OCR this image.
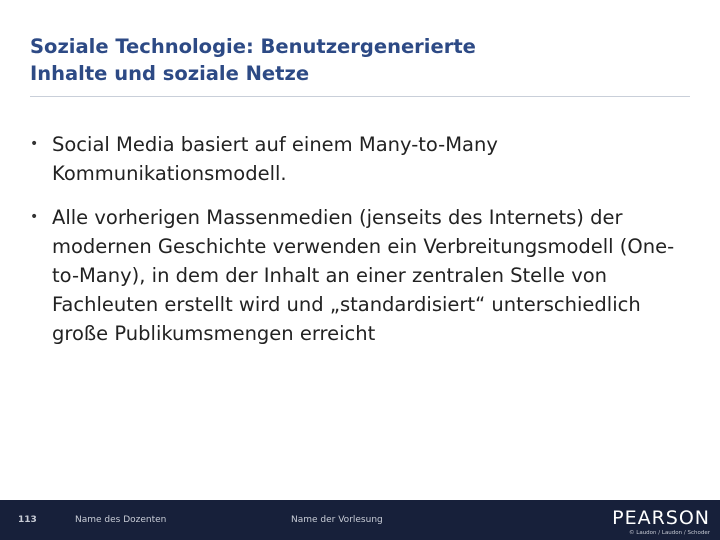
Soziale Technologie: Benutzergenerierte
Inhalte und soziale Netze
• Social Media basiert auf einem Many-to-Many Kommunikationsmodell.
• Alle vorherigen Massenmedien (jenseits des Internets) der modernen Geschichte verwenden ein Verbreitungsmodell (One-to-Many), in dem der Inhalt an einer zentralen Stelle von Fachleuten erstellt wird und „standardisiert“ unterschiedlich große Publikumsmengen erreicht
113	Name des Dozenten	Name der Vorlesung	PEARSON
© Laudon / Laudon / Schoder
